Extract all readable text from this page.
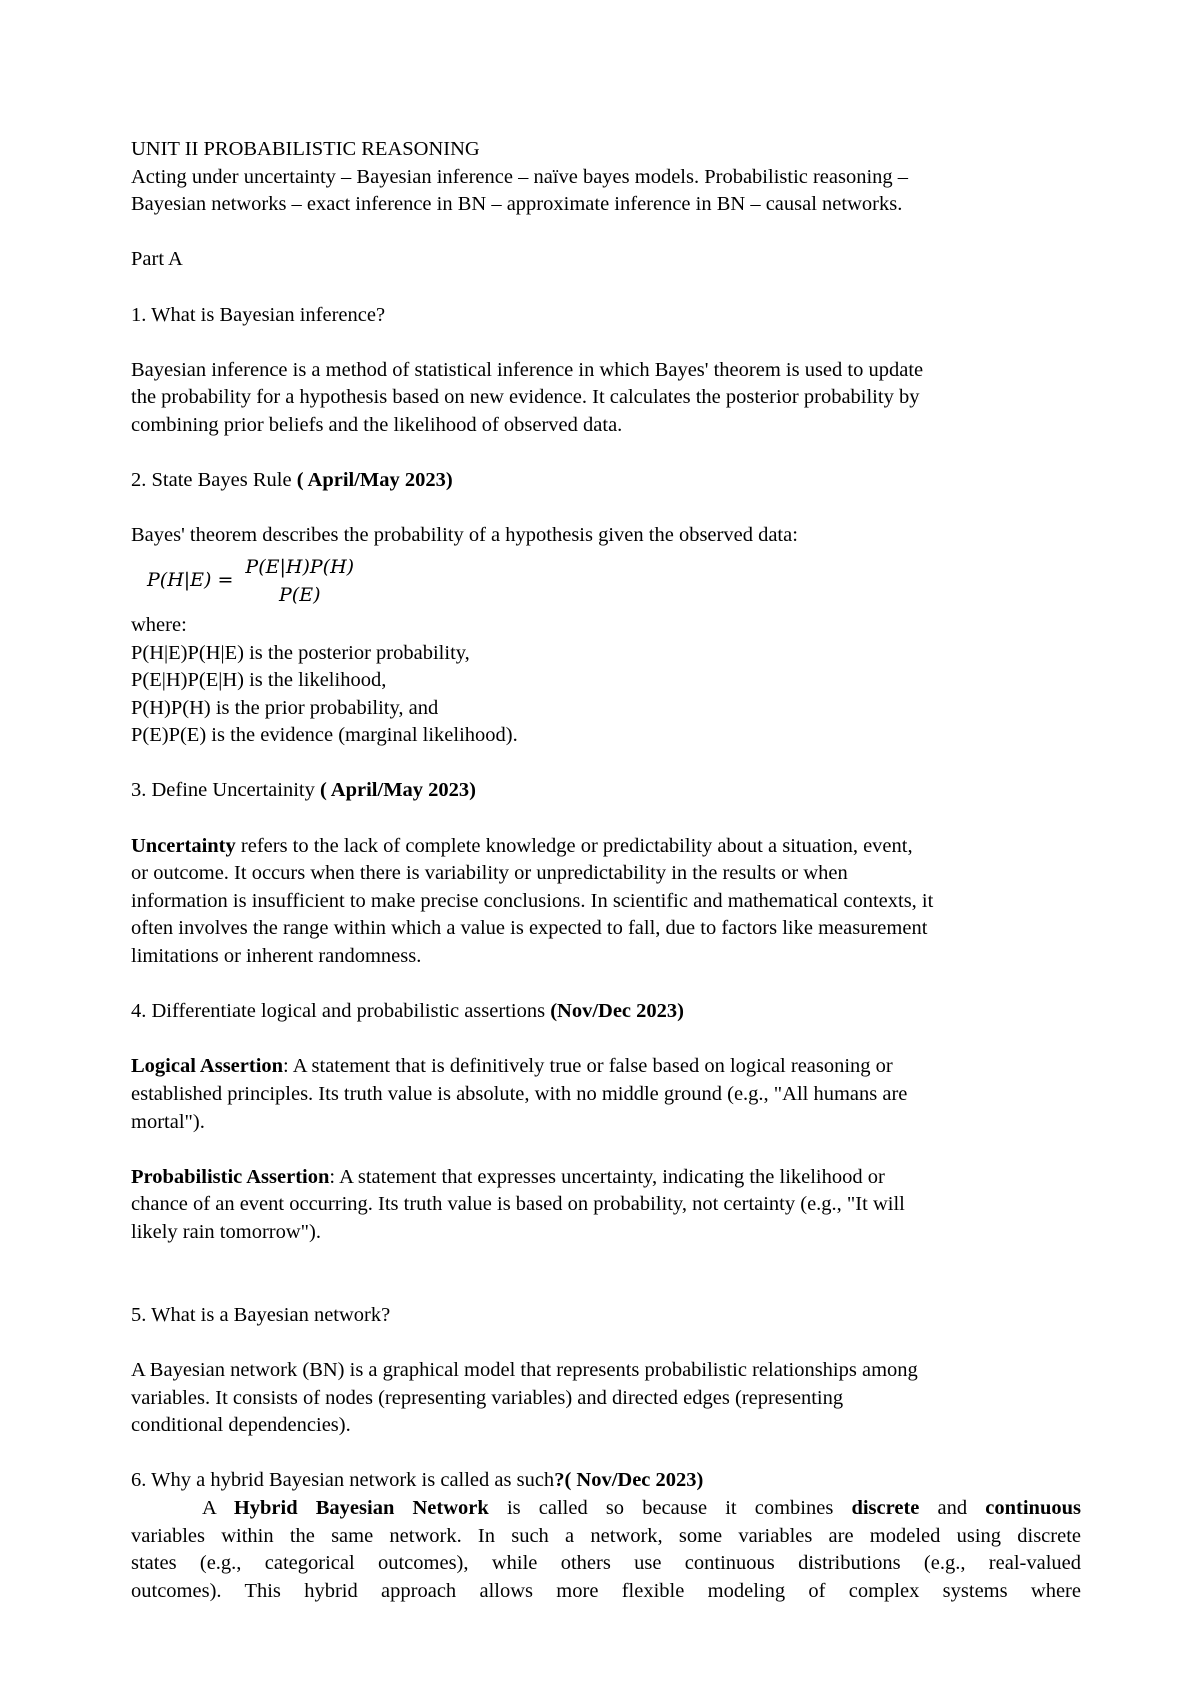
UNIT II PROBABILISTIC REASONING

Acting under uncertainty – Bayesian inference – naïve bayes models. Probabilistic reasoning –

Bayesian networks – exact inference in BN – approximate inference in BN – causal networks.

Part A

1. What is Bayesian inference?

Bayesian inference is a method of statistical inference in which Bayes' theorem is used to update

the probability for a hypothesis based on new evidence. It calculates the posterior probability by

combining prior beliefs and the likelihood of observed data.

2. State Bayes Rule ( April/May 2023)

Bayes' theorem describes the probability of a hypothesis given the observed data:

P(H|E) =
P(E|H)P(H)
P(E)

where:

P(H|E)P(H|E) is the posterior probability,

P(E|H)P(E|H) is the likelihood,

P(H)P(H) is the prior probability, and

P(E)P(E) is the evidence (marginal likelihood).

3. Define Uncertainity ( April/May 2023)

Uncertainty refers to the lack of complete knowledge or predictability about a situation, event,

or outcome. It occurs when there is variability or unpredictability in the results or when

information is insufficient to make precise conclusions. In scientific and mathematical contexts, it

often involves the range within which a value is expected to fall, due to factors like measurement

limitations or inherent randomness.

4. Differentiate logical and probabilistic assertions (Nov/Dec 2023)

Logical Assertion: A statement that is definitively true or false based on logical reasoning or

established principles. Its truth value is absolute, with no middle ground (e.g., "All humans are

mortal").

Probabilistic Assertion: A statement that expresses uncertainty, indicating the likelihood or

chance of an event occurring. Its truth value is based on probability, not certainty (e.g., "It will

likely rain tomorrow").

5. What is a Bayesian network?

A Bayesian network (BN) is a graphical model that represents probabilistic relationships among

variables. It consists of nodes (representing variables) and directed edges (representing

conditional dependencies).

6. Why a hybrid Bayesian network is called as such?( Nov/Dec 2023)

A Hybrid Bayesian Network is called so because it combines discrete and continuous

variables within the same network. In such a network, some variables are modeled using discrete

states (e.g., categorical outcomes), while others use continuous distributions (e.g., real-valued

outcomes). This hybrid approach allows more flexible modeling of complex systems where
